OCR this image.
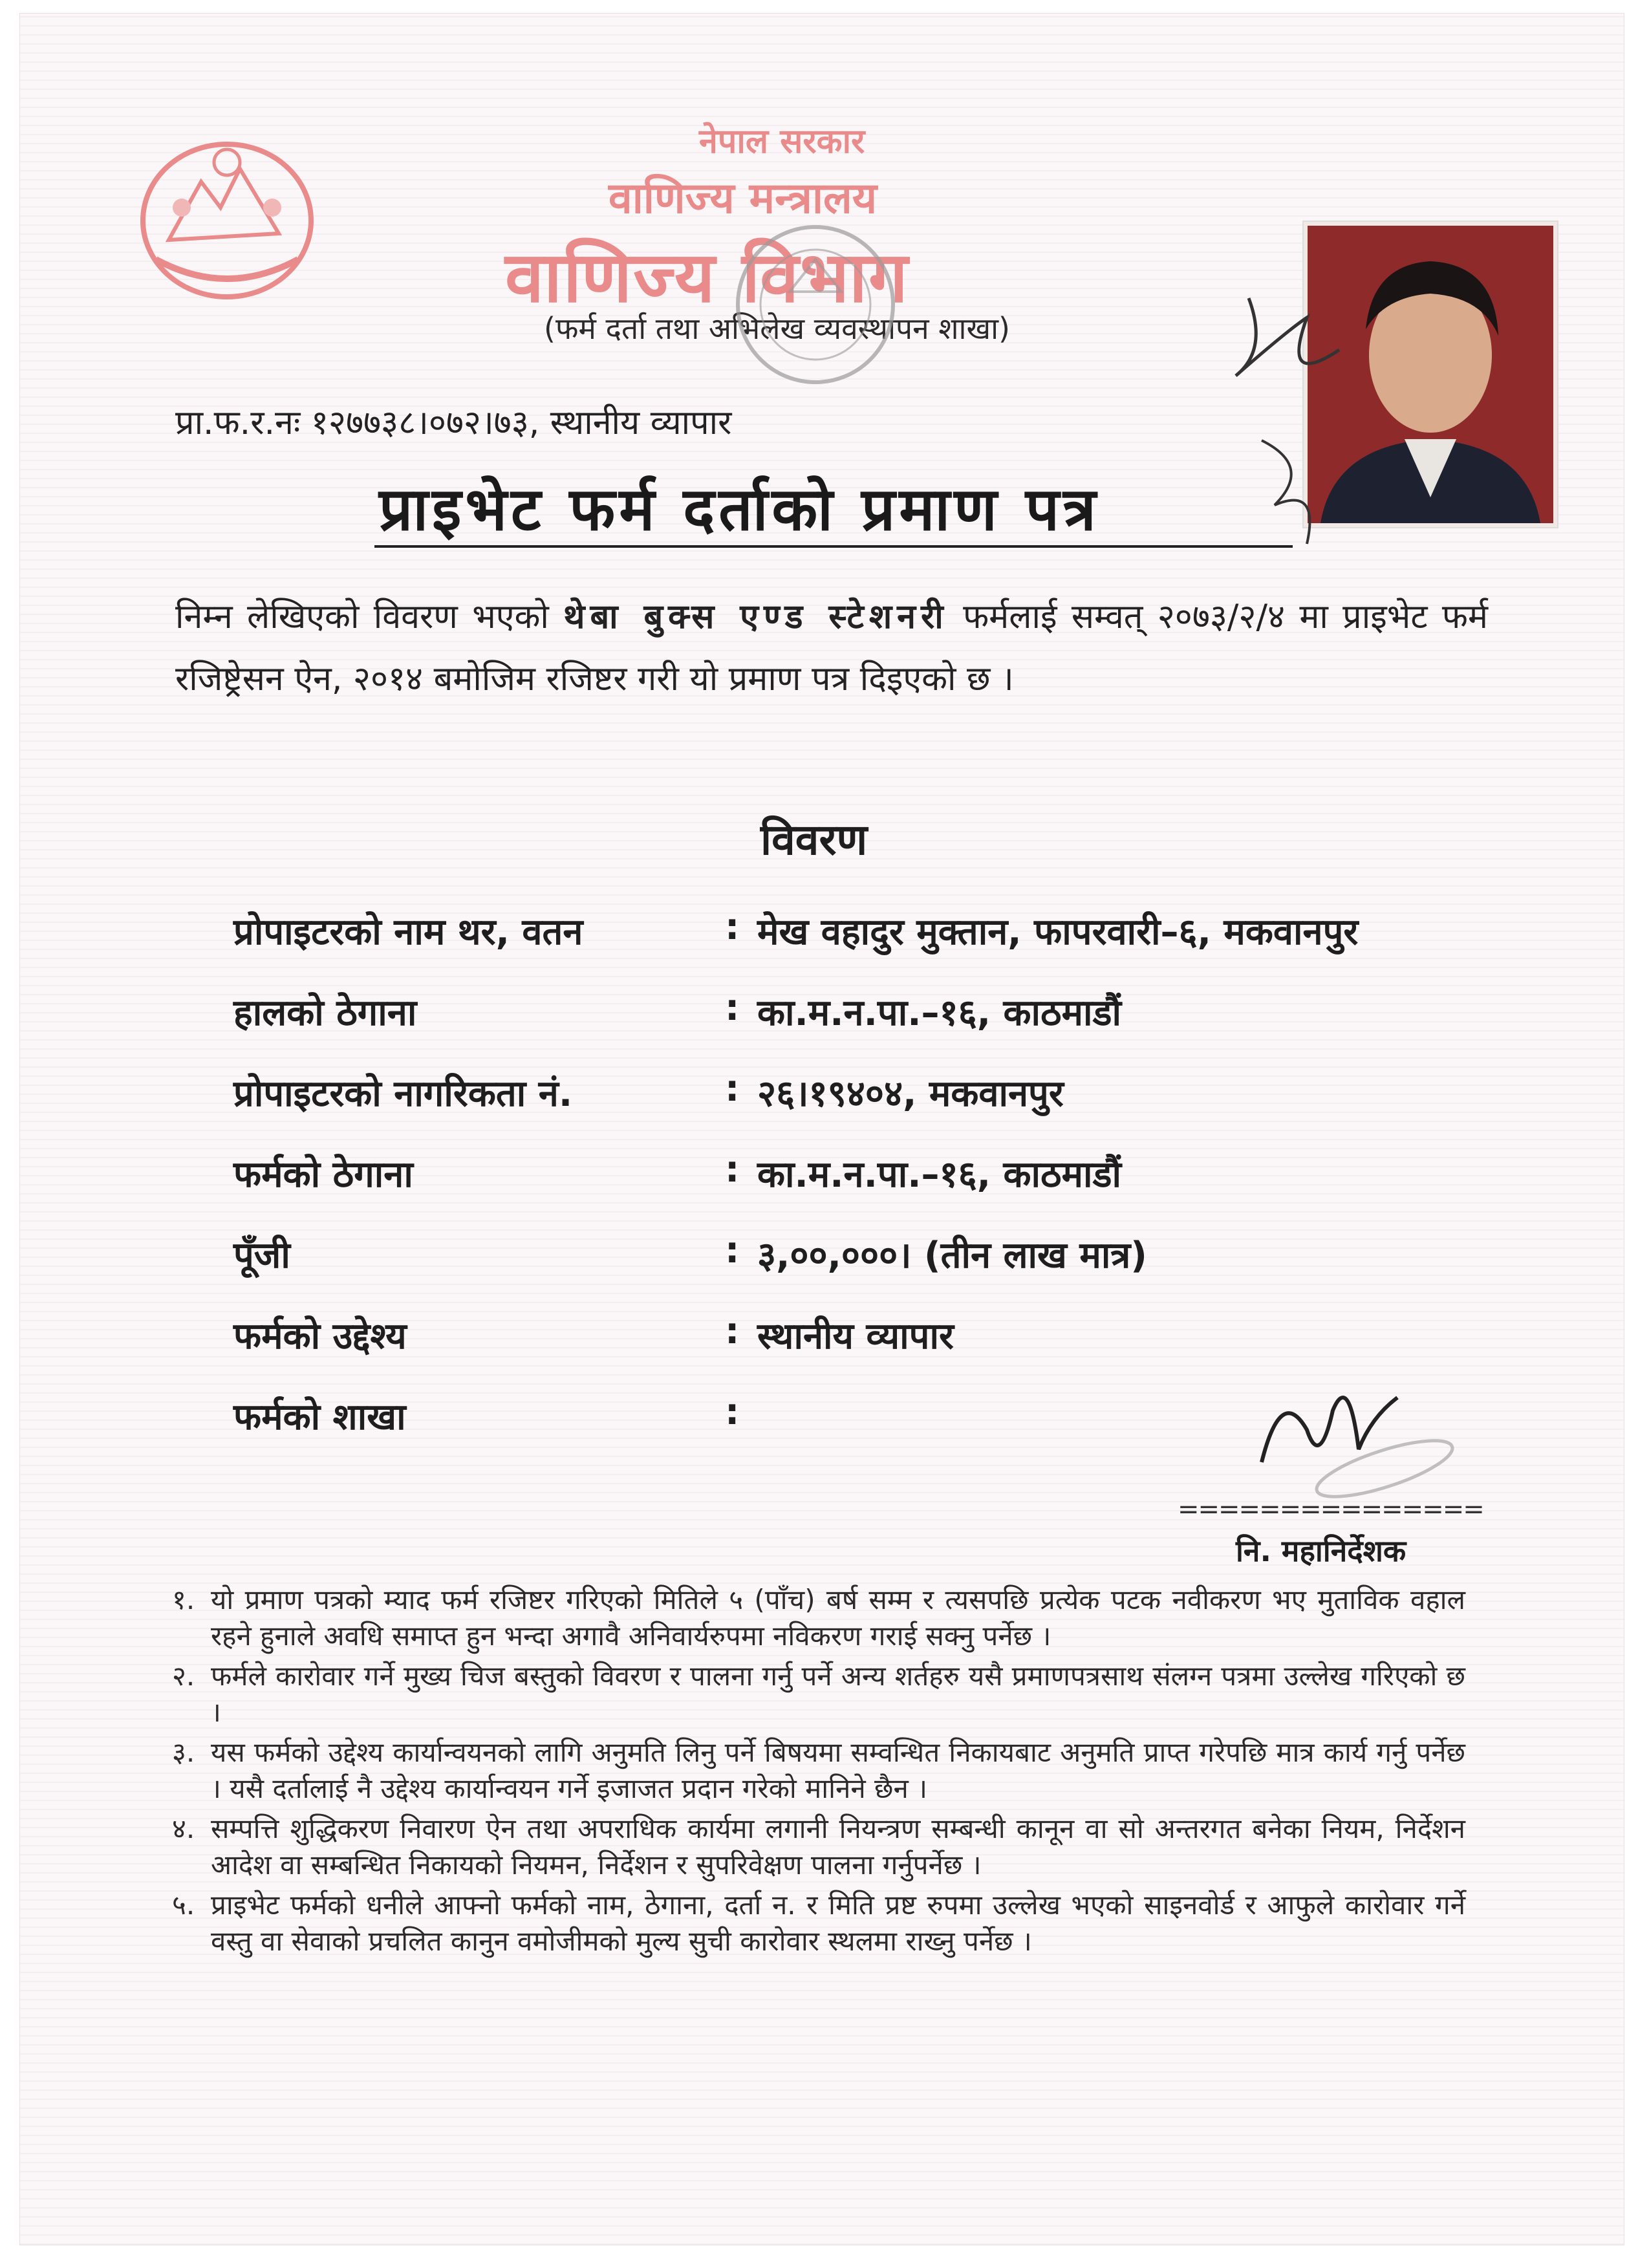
नेपाल सरकार
वाणिज्य मन्त्रालय
वाणिज्य विभाग
(फर्म दर्ता तथा अभिलेख व्यवस्थापन शाखा)
प्रा.फ.र.नः १२७७३८।०७२।७३, स्थानीय व्यापार
प्राइभेट फर्म दर्ताको प्रमाण पत्र
निम्न लेखिएको विवरण भएको थेबा बुक्स एण्ड स्टेशनरी फर्मलाई सम्वत् २०७३/२/४ मा प्राइभेट फर्म रजिष्ट्रेसन ऐन, २०१४ बमोजिम रजिष्टर गरी यो प्रमाण पत्र दिइएको छ ।
विवरण
प्रोपाइटरको नाम थर, वतन	: मेख वहादुर मुक्तान, फापरवारी–६, मकवानपुर
हालको ठेगाना	: का.म.न.पा.–१६, काठमाडौं
प्रोपाइटरको नागरिकता नं.	: २६।१९४०४, मकवानपुर
फर्मको ठेगाना	: का.म.न.पा.–१६, काठमाडौं
पूँजी	: ३,००,०००। (तीन लाख मात्र)
फर्मको उद्देश्य	: स्थानीय व्यापार
फर्मको शाखा	:
===============
नि. महानिर्देशक
१. यो प्रमाण पत्रको म्याद फर्म रजिष्टर गरिएको मितिले ५ (पाँच) बर्ष सम्म र त्यसपछि प्रत्येक पटक नवीकरण भए मुताविक वहाल रहने हुनाले अवधि समाप्त हुन भन्दा अगावै अनिवार्यरुपमा नविकरण गराई सक्नु पर्नेछ ।
२. फर्मले कारोवार गर्ने मुख्य चिज बस्तुको विवरण र पालना गर्नु पर्ने अन्य शर्तहरु यसै प्रमाणपत्रसाथ संलग्न पत्रमा उल्लेख गरिएको छ ।
३. यस फर्मको उद्देश्य कार्यान्वयनको लागि अनुमति लिनु पर्ने बिषयमा सम्वन्धित निकायबाट अनुमति प्राप्त गरेपछि मात्र कार्य गर्नु पर्नेछ । यसै दर्तालाई नै उद्देश्य कार्यान्वयन गर्ने इजाजत प्रदान गरेको मानिने छैन ।
४. सम्पत्ति शुद्धिकरण निवारण ऐन तथा अपराधिक कार्यमा लगानी नियन्त्रण सम्बन्धी कानून वा सो अन्तरगत बनेका नियम, निर्देशन आदेश वा सम्बन्धित निकायको नियमन, निर्देशन र सुपरिवेक्षण पालना गर्नुपर्नेछ ।
५. प्राइभेट फर्मको धनीले आफ्नो फर्मको नाम, ठेगाना, दर्ता न. र मिति प्रष्ट रुपमा उल्लेख भएको साइनवोर्ड र आफुले कारोवार गर्ने वस्तु वा सेवाको प्रचलित कानुन वमोजीमको मुल्य सुची कारोवार स्थलमा राख्नु पर्नेछ ।
